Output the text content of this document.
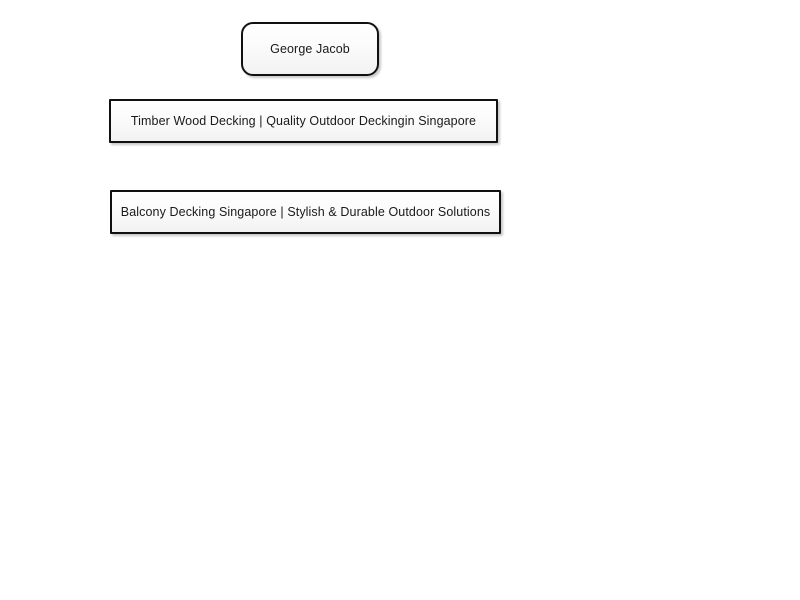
George Jacob
Timber Wood Decking | Quality Outdoor Deckingin Singapore
Balcony Decking Singapore | Stylish & Durable Outdoor Solutions
